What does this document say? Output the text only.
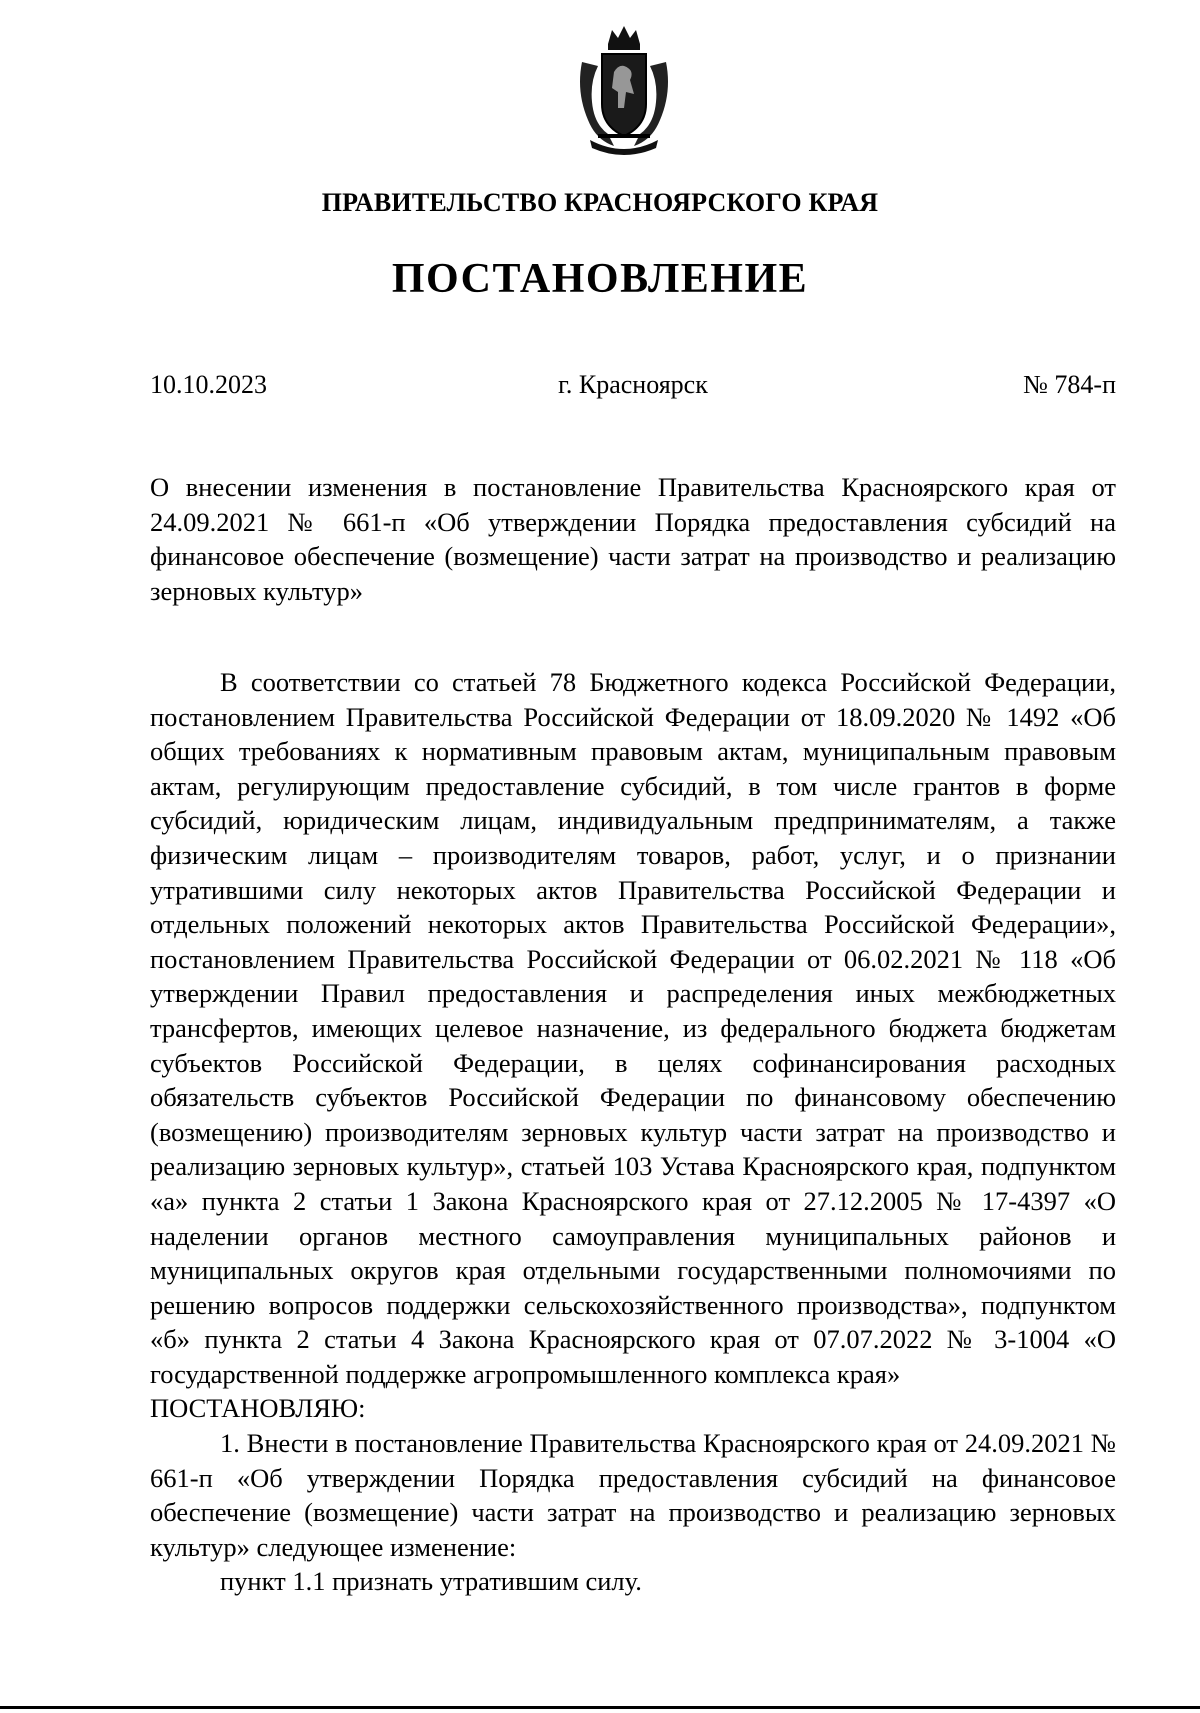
ПРАВИТЕЛЬСТВО КРАСНОЯРСКОГО КРАЯ
ПОСТАНОВЛЕНИЕ
10.10.2023	г. Красноярск	№ 784-п
О внесении изменения в постановление Правительства Красноярского края от 24.09.2021 № 661-п «Об утверждении Порядка предоставления субсидий на финансовое обеспечение (возмещение) части затрат на производство и реализацию зерновых культур»

В соответствии со статьей 78 Бюджетного кодекса Российской Федерации, постановлением Правительства Российской Федерации от 18.09.2020 № 1492 «Об общих требованиях к нормативным правовым актам, муниципальным правовым актам, регулирующим предоставление субсидий, в том числе грантов в форме субсидий, юридическим лицам, индивидуальным предпринимателям, а также физическим лицам – производителям товаров, работ, услуг, и о признании утратившими силу некоторых актов Правительства Российской Федерации и отдельных положений некоторых актов Правительства Российской Федерации», постановлением Правительства Российской Федерации от 06.02.2021 № 118 «Об утверждении Правил предоставления и распределения иных межбюджетных трансфертов, имеющих целевое назначение, из федерального бюджета бюджетам субъектов Российской Федерации, в целях софинансирования расходных обязательств субъектов Российской Федерации по финансовому обеспечению (возмещению) производителям зерновых культур части затрат на производство и реализацию зерновых культур», статьей 103 Устава Красноярского края, подпунктом «а» пункта 2 статьи 1 Закона Красноярского края от 27.12.2005 № 17-4397 «О наделении органов местного самоуправления муниципальных районов и муниципальных округов края отдельными государственными полномочиями по решению вопросов поддержки сельскохозяйственного производства», подпунктом «б» пункта 2 статьи 4 Закона Красноярского края от 07.07.2022 № 3-1004 «О государственной поддержке агропромышленного комплекса края»

ПОСТАНОВЛЯЮ:

1. Внести в постановление Правительства Красноярского края от 24.09.2021 № 661-п «Об утверждении Порядка предоставления субсидий на финансовое обеспечение (возмещение) части затрат на производство и реализацию зерновых культур» следующее изменение:

пункт 1.1 признать утратившим силу.
